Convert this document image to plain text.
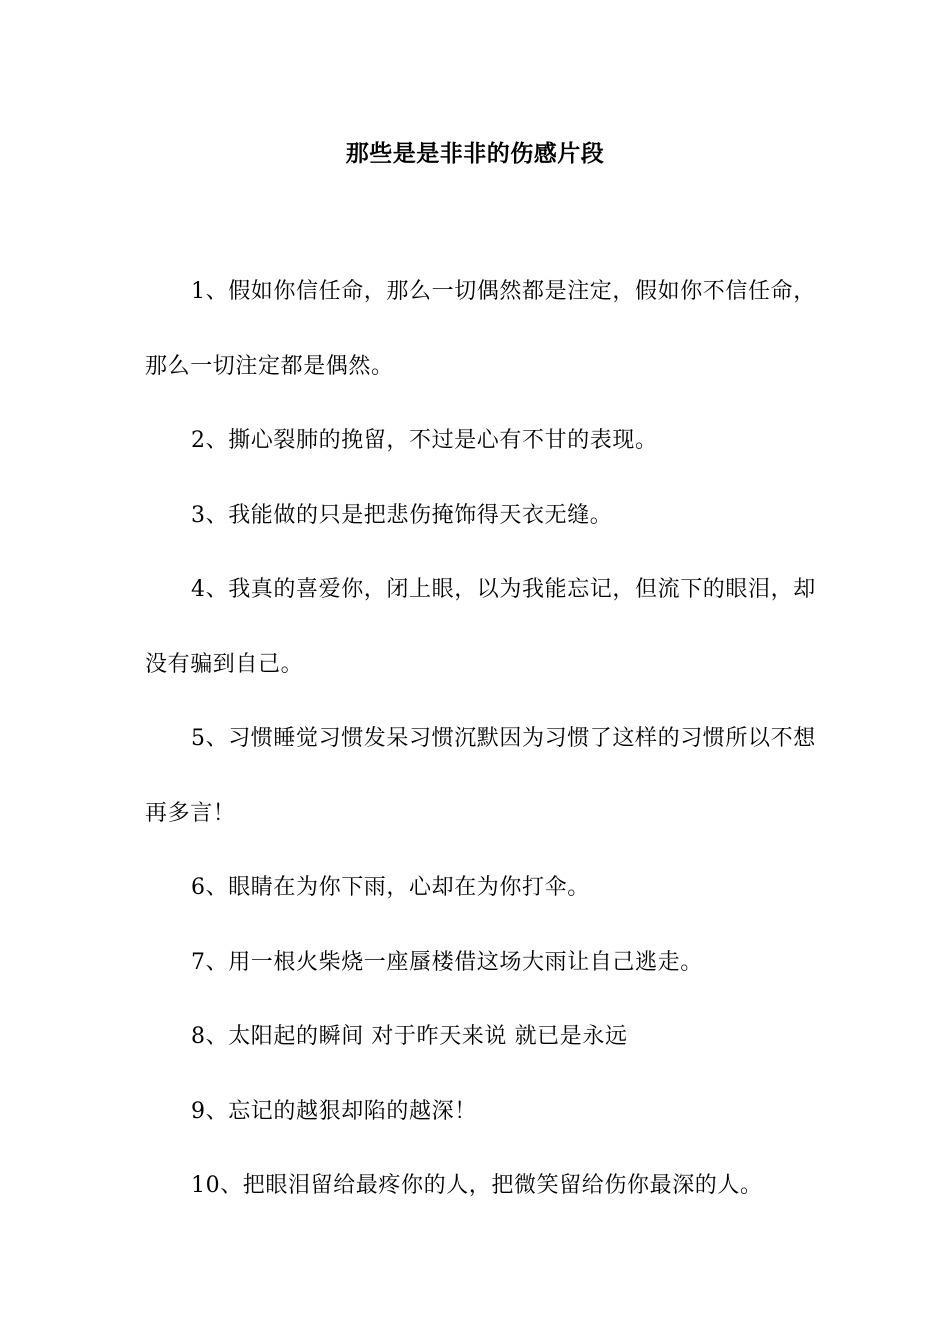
那些是是非非的伤感片段

1、假如你信任命，那么一切偶然都是注定，假如你不信任命，那么一切注定都是偶然。

2、撕心裂肺的挽留，不过是心有不甘的表现。

3、我能做的只是把悲伤掩饰得天衣无缝。

4、我真的喜爱你，闭上眼，以为我能忘记，但流下的眼泪，却没有骗到自己。

5、习惯睡觉习惯发呆习惯沉默因为习惯了这样的习惯所以不想再多言！

6、眼睛在为你下雨，心却在为你打伞。

7、用一根火柴烧一座蜃楼借这场大雨让自己逃走。

8、太阳起的瞬间 对于昨天来说 就已是永远

9、忘记的越狠却陷的越深！

10、把眼泪留给最疼你的人，把微笑留给伤你最深的人。
